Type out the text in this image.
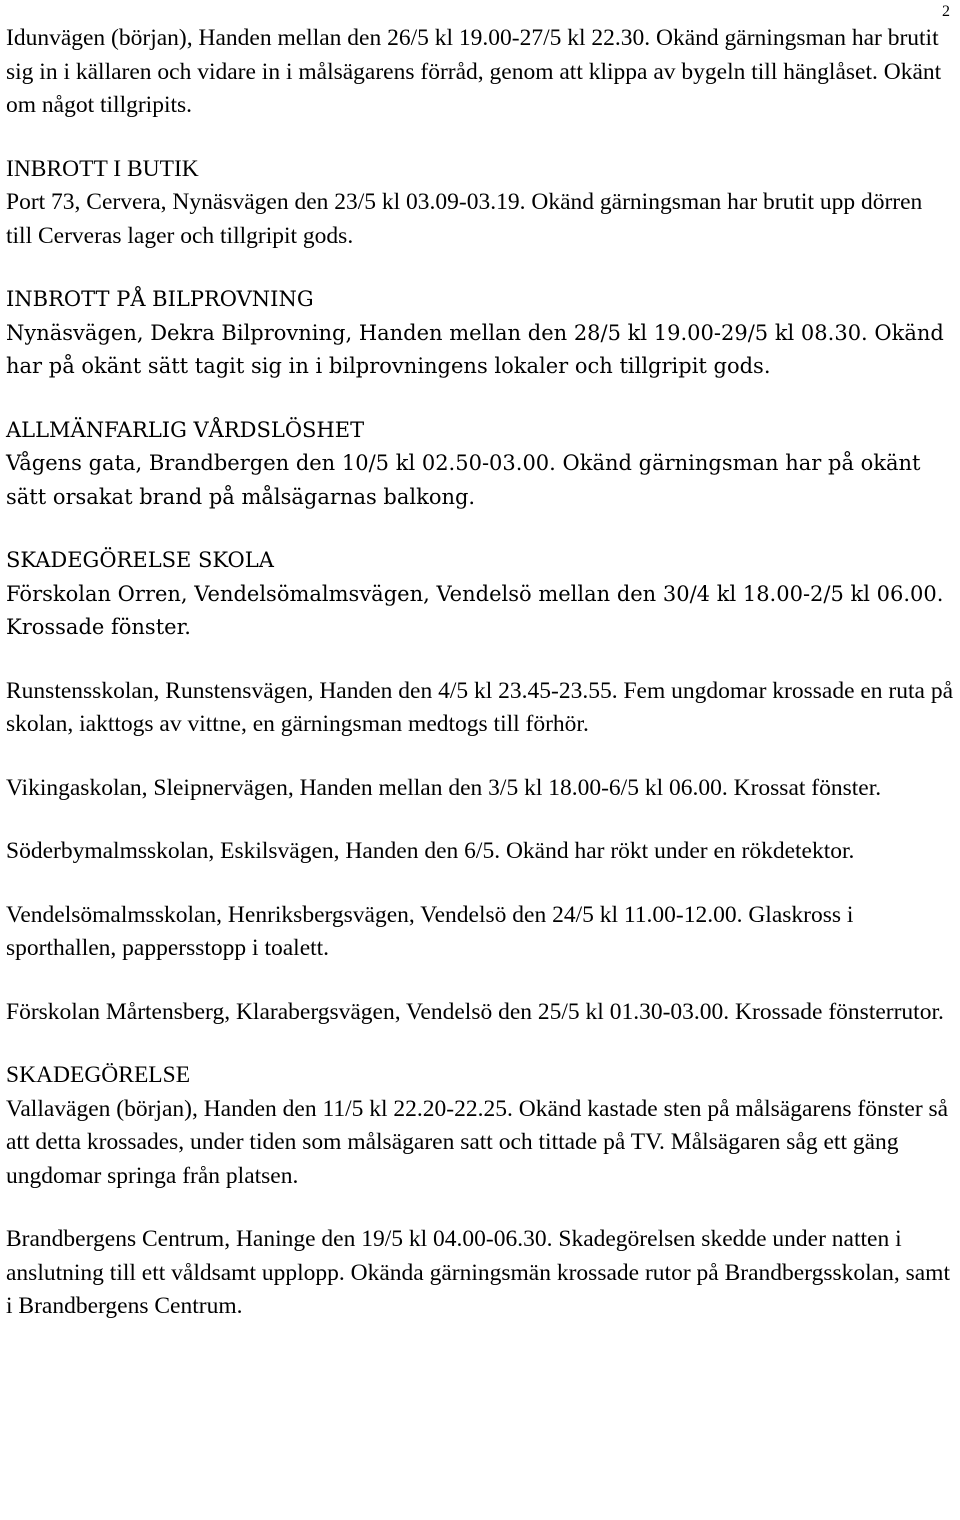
2

Idunvägen (början), Handen mellan den 26/5 kl 19.00-27/5 kl 22.30. Okänd gärningsman har brutit sig in i källaren och vidare in i målsägarens förråd, genom att klippa av bygeln till hänglåset. Okänt om något tillgripits.

INBROTT I BUTIK

Port 73, Cervera, Nynäsvägen den 23/5 kl 03.09-03.19. Okänd gärningsman har brutit upp dörren till Cerveras lager och tillgripit gods.

INBROTT PÅ BILPROVNING

Nynäsvägen, Dekra Bilprovning, Handen mellan den 28/5 kl 19.00-29/5 kl 08.30. Okänd har på okänt sätt tagit sig in i bilprovningens lokaler och tillgripit gods.

ALLMÄNFARLIG VÅRDSLÖSHET

Vågens gata, Brandbergen den 10/5 kl 02.50-03.00. Okänd gärningsman har på okänt sätt orsakat brand på målsägarnas balkong.

SKADEGÖRELSE SKOLA

Förskolan Orren, Vendelsömalmsvägen, Vendelsö mellan den 30/4 kl 18.00-2/5 kl 06.00. Krossade fönster.

Runstensskolan, Runstensvägen, Handen den 4/5 kl 23.45-23.55. Fem ungdomar krossade en ruta på skolan, iakttogs av vittne, en gärningsman medtogs till förhör.

Vikingaskolan, Sleipnervägen, Handen mellan den 3/5 kl 18.00-6/5 kl 06.00. Krossat fönster.

Söderbymalmsskolan, Eskilsvägen, Handen den 6/5. Okänd har rökt under en rökdetektor.

Vendelsömalmsskolan, Henriksbergsvägen, Vendelsö den 24/5 kl 11.00-12.00. Glaskross i sporthallen, pappersstopp i toalett.

Förskolan Mårtensberg, Klarabergsvägen, Vendelsö den 25/5 kl 01.30-03.00. Krossade fönsterrutor.

SKADEGÖRELSE

Vallavägen (början), Handen den 11/5 kl 22.20-22.25. Okänd kastade sten på målsägarens fönster så att detta krossades, under tiden som målsägaren satt och tittade på TV. Målsägaren såg ett gäng ungdomar springa från platsen.

Brandbergens Centrum, Haninge den 19/5 kl 04.00-06.30. Skadegörelsen skedde under natten i anslutning till ett våldsamt upplopp. Okända gärningsmän krossade rutor på Brandbergsskolan, samt i Brandbergens Centrum.
